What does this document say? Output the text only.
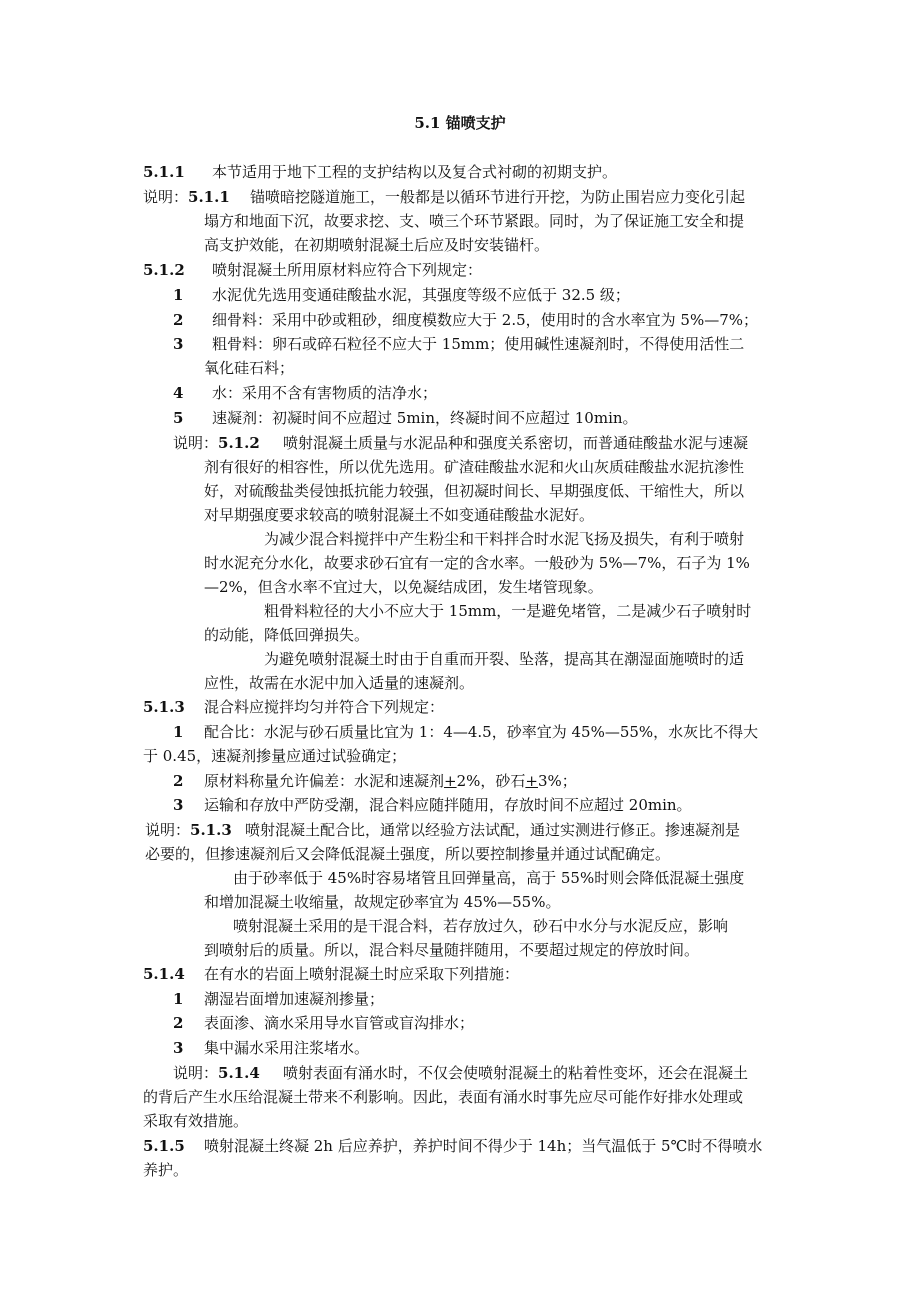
5.1 锚喷支护
5.1.1 本节适用于地下工程的支护结构以及复合式衬砌的初期支护。
说明：5.1.1 锚喷暗挖隧道施工，一般都是以循环节进行开挖，为防止围岩应力变化引起
塌方和地面下沉，故要求挖、支、喷三个环节紧跟。同时，为了保证施工安全和提
高支护效能，在初期喷射混凝土后应及时安装锚杆。
5.1.2 喷射混凝土所用原材料应符合下列规定：
1 水泥优先选用变通硅酸盐水泥，其强度等级不应低于 32.5 级；
2 细骨料：采用中砂或粗砂，细度模数应大于 2.5，使用时的含水率宜为 5%—7%；
3 粗骨料：卵石或碎石粒径不应大于 15mm；使用碱性速凝剂时，不得使用活性二
氧化硅石料；
4 水：采用不含有害物质的洁净水；
5 速凝剂：初凝时间不应超过 5min，终凝时间不应超过 10min。
说明：5.1.2 喷射混凝土质量与水泥品种和强度关系密切，而普通硅酸盐水泥与速凝
剂有很好的相容性，所以优先选用。矿渣硅酸盐水泥和火山灰质硅酸盐水泥抗渗性
好，对硫酸盐类侵蚀抵抗能力较强，但初凝时间长、早期强度低、干缩性大，所以
对早期强度要求较高的喷射混凝土不如变通硅酸盐水泥好。
为减少混合料搅拌中产生粉尘和干料拌合时水泥飞扬及损失，有利于喷射
时水泥充分水化，故要求砂石宜有一定的含水率。一般砂为 5%—7%，石子为 1%
—2%，但含水率不宜过大，以免凝结成团，发生堵管现象。
粗骨料粒径的大小不应大于 15mm，一是避免堵管，二是减少石子喷射时
的动能，降低回弹损失。
为避免喷射混凝土时由于自重而开裂、坠落，提高其在潮湿面施喷时的适
应性，故需在水泥中加入适量的速凝剂。
5.1.3 混合料应搅拌均匀并符合下列规定：
1 配合比：水泥与砂石质量比宜为 1：4—4.5，砂率宜为 45%—55%，水灰比不得大
于 0.45，速凝剂掺量应通过试验确定；
2 原材料称量允许偏差：水泥和速凝剂+2%，砂石+3%；
3 运输和存放中严防受潮，混合料应随拌随用，存放时间不应超过 20min。
说明：5.1.3 喷射混凝土配合比，通常以经验方法试配，通过实测进行修正。掺速凝剂是
必要的，但掺速凝剂后又会降低混凝土强度，所以要控制掺量并通过试配确定。
由于砂率低于 45%时容易堵管且回弹量高，高于 55%时则会降低混凝土强度
和增加混凝土收缩量，故规定砂率宜为 45%—55%。
喷射混凝土采用的是干混合料，若存放过久，砂石中水分与水泥反应，影响
到喷射后的质量。所以，混合料尽量随拌随用，不要超过规定的停放时间。
5.1.4 在有水的岩面上喷射混凝土时应采取下列措施：
1 潮湿岩面增加速凝剂掺量；
2 表面渗、滴水采用导水盲管或盲沟排水；
3 集中漏水采用注浆堵水。
说明：5.1.4 喷射表面有涌水时，不仅会使喷射混凝土的粘着性变坏，还会在混凝土
的背后产生水压给混凝土带来不利影响。因此，表面有涌水时事先应尽可能作好排水处理或
采取有效措施。
5.1.5 喷射混凝土终凝 2h 后应养护，养护时间不得少于 14h；当气温低于 5℃时不得喷水
养护。
